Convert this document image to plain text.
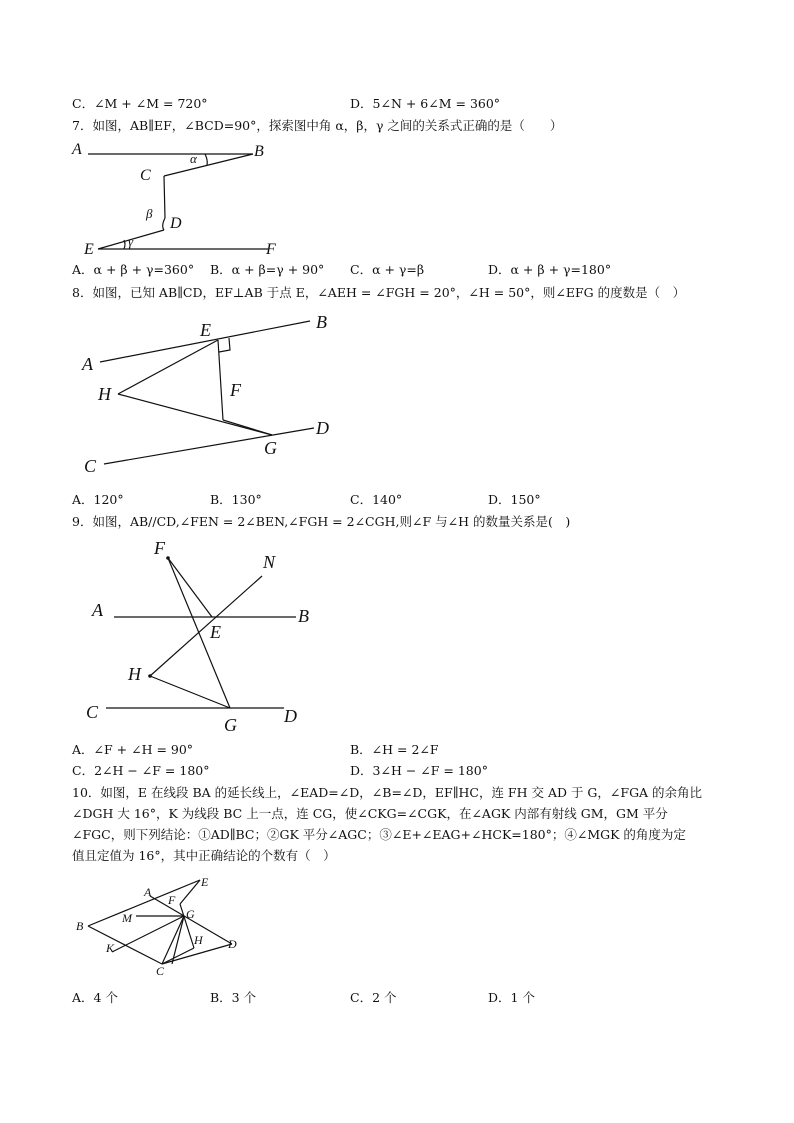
C．∠M + ∠M = 720°	D．5∠N + 6∠M = 360°
7．如图，AB∥EF，∠BCD=90°，探索图中角 α，β，γ 之间的关系式正确的是（　　）
A	B
C
D
E	F
α
β
γ
A．α + β + γ=360° B．α + β=γ + 90° C．α + γ=β	D．α + β + γ=180°
8．如图，已知 AB∥CD，EF⊥AB 于点 E，∠AEH = ∠FGH = 20°，∠H = 50°，则∠EFG 的度数是（　）
E	B
A
H	F
G
D
C
A．120°	B．130°	C．140°	D．150°
9．如图，AB//CD,∠FEN = 2∠BEN,∠FGH = 2∠CGH,则∠F 与∠H 的数量关系是(　)
F
N
A	B
E
H
C	D
G
A．∠F + ∠H = 90°	B．∠H = 2∠F
C．2∠H − ∠F = 180°	D．3∠H − ∠F = 180°
10．如图，E 在线段 BA 的延长线上，∠EAD=∠D，∠B=∠D，EF∥HC，连 FH 交 AD 于 G，∠FGA 的余角比
∠DGH 大 16°，K 为线段 BC 上一点，连 CG，使∠CKG=∠CGK，在∠AGK 内部有射线 GM，GM 平分
∠FGC，则下列结论：①AD∥BC；②GK 平分∠AGC；③∠E+∠EAG+∠HCK=180°；④∠MGK 的角度为定
值且定值为 16°，其中正确结论的个数有（　）
A
E
F
G
M
B
H D
K
C
A．4 个	B．3 个	C．2 个	D．1 个
